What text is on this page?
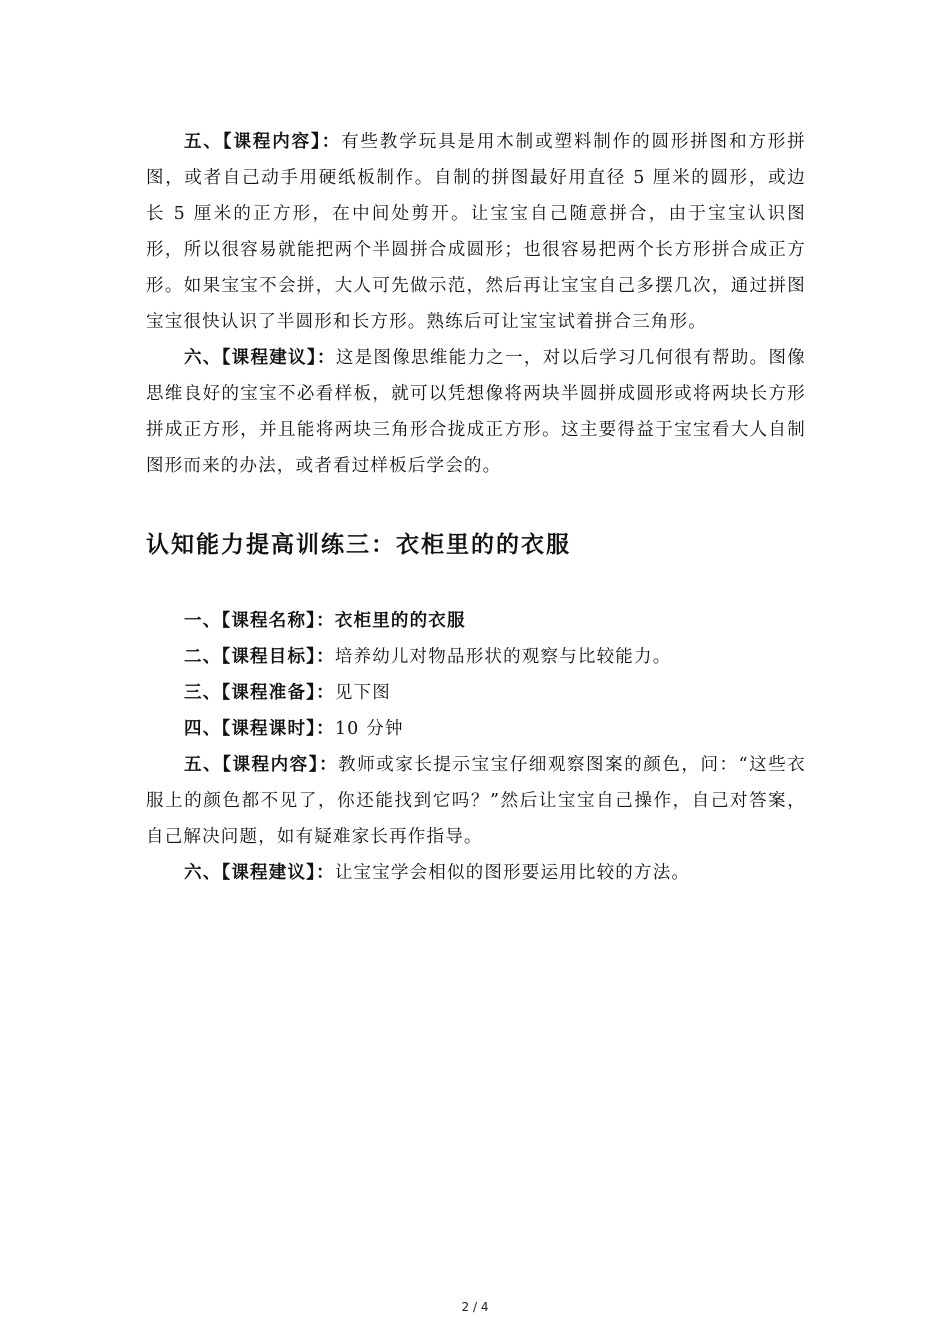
五、【课程内容】：有些教学玩具是用木制或塑料制作的圆形拼图和方形拼图，或者自己动手用硬纸板制作。自制的拼图最好用直径 5 厘米的圆形，或边长 5 厘米的正方形，在中间处剪开。让宝宝自己随意拼合，由于宝宝认识图形，所以很容易就能把两个半圆拼合成圆形；也很容易把两个长方形拼合成正方形。如果宝宝不会拼，大人可先做示范，然后再让宝宝自己多摆几次，通过拼图宝宝很快认识了半圆形和长方形。熟练后可让宝宝试着拼合三角形。

六、【课程建议】：这是图像思维能力之一，对以后学习几何很有帮助。图像思维良好的宝宝不必看样板，就可以凭想像将两块半圆拼成圆形或将两块长方形拼成正方形，并且能将两块三角形合拢成正方形。这主要得益于宝宝看大人自制图形而来的办法，或者看过样板后学会的。

认知能力提高训练三：衣柜里的的衣服

一、【课程名称】：衣柜里的的衣服

二、【课程目标】：培养幼儿对物品形状的观察与比较能力。

三、【课程准备】：见下图

四、【课程课时】：10 分钟

五、【课程内容】：教师或家长提示宝宝仔细观察图案的颜色，问：“这些衣服上的颜色都不见了，你还能找到它吗？”然后让宝宝自己操作，自己对答案，自己解决问题，如有疑难家长再作指导。

六、【课程建议】：让宝宝学会相似的图形要运用比较的方法。

2 / 4
